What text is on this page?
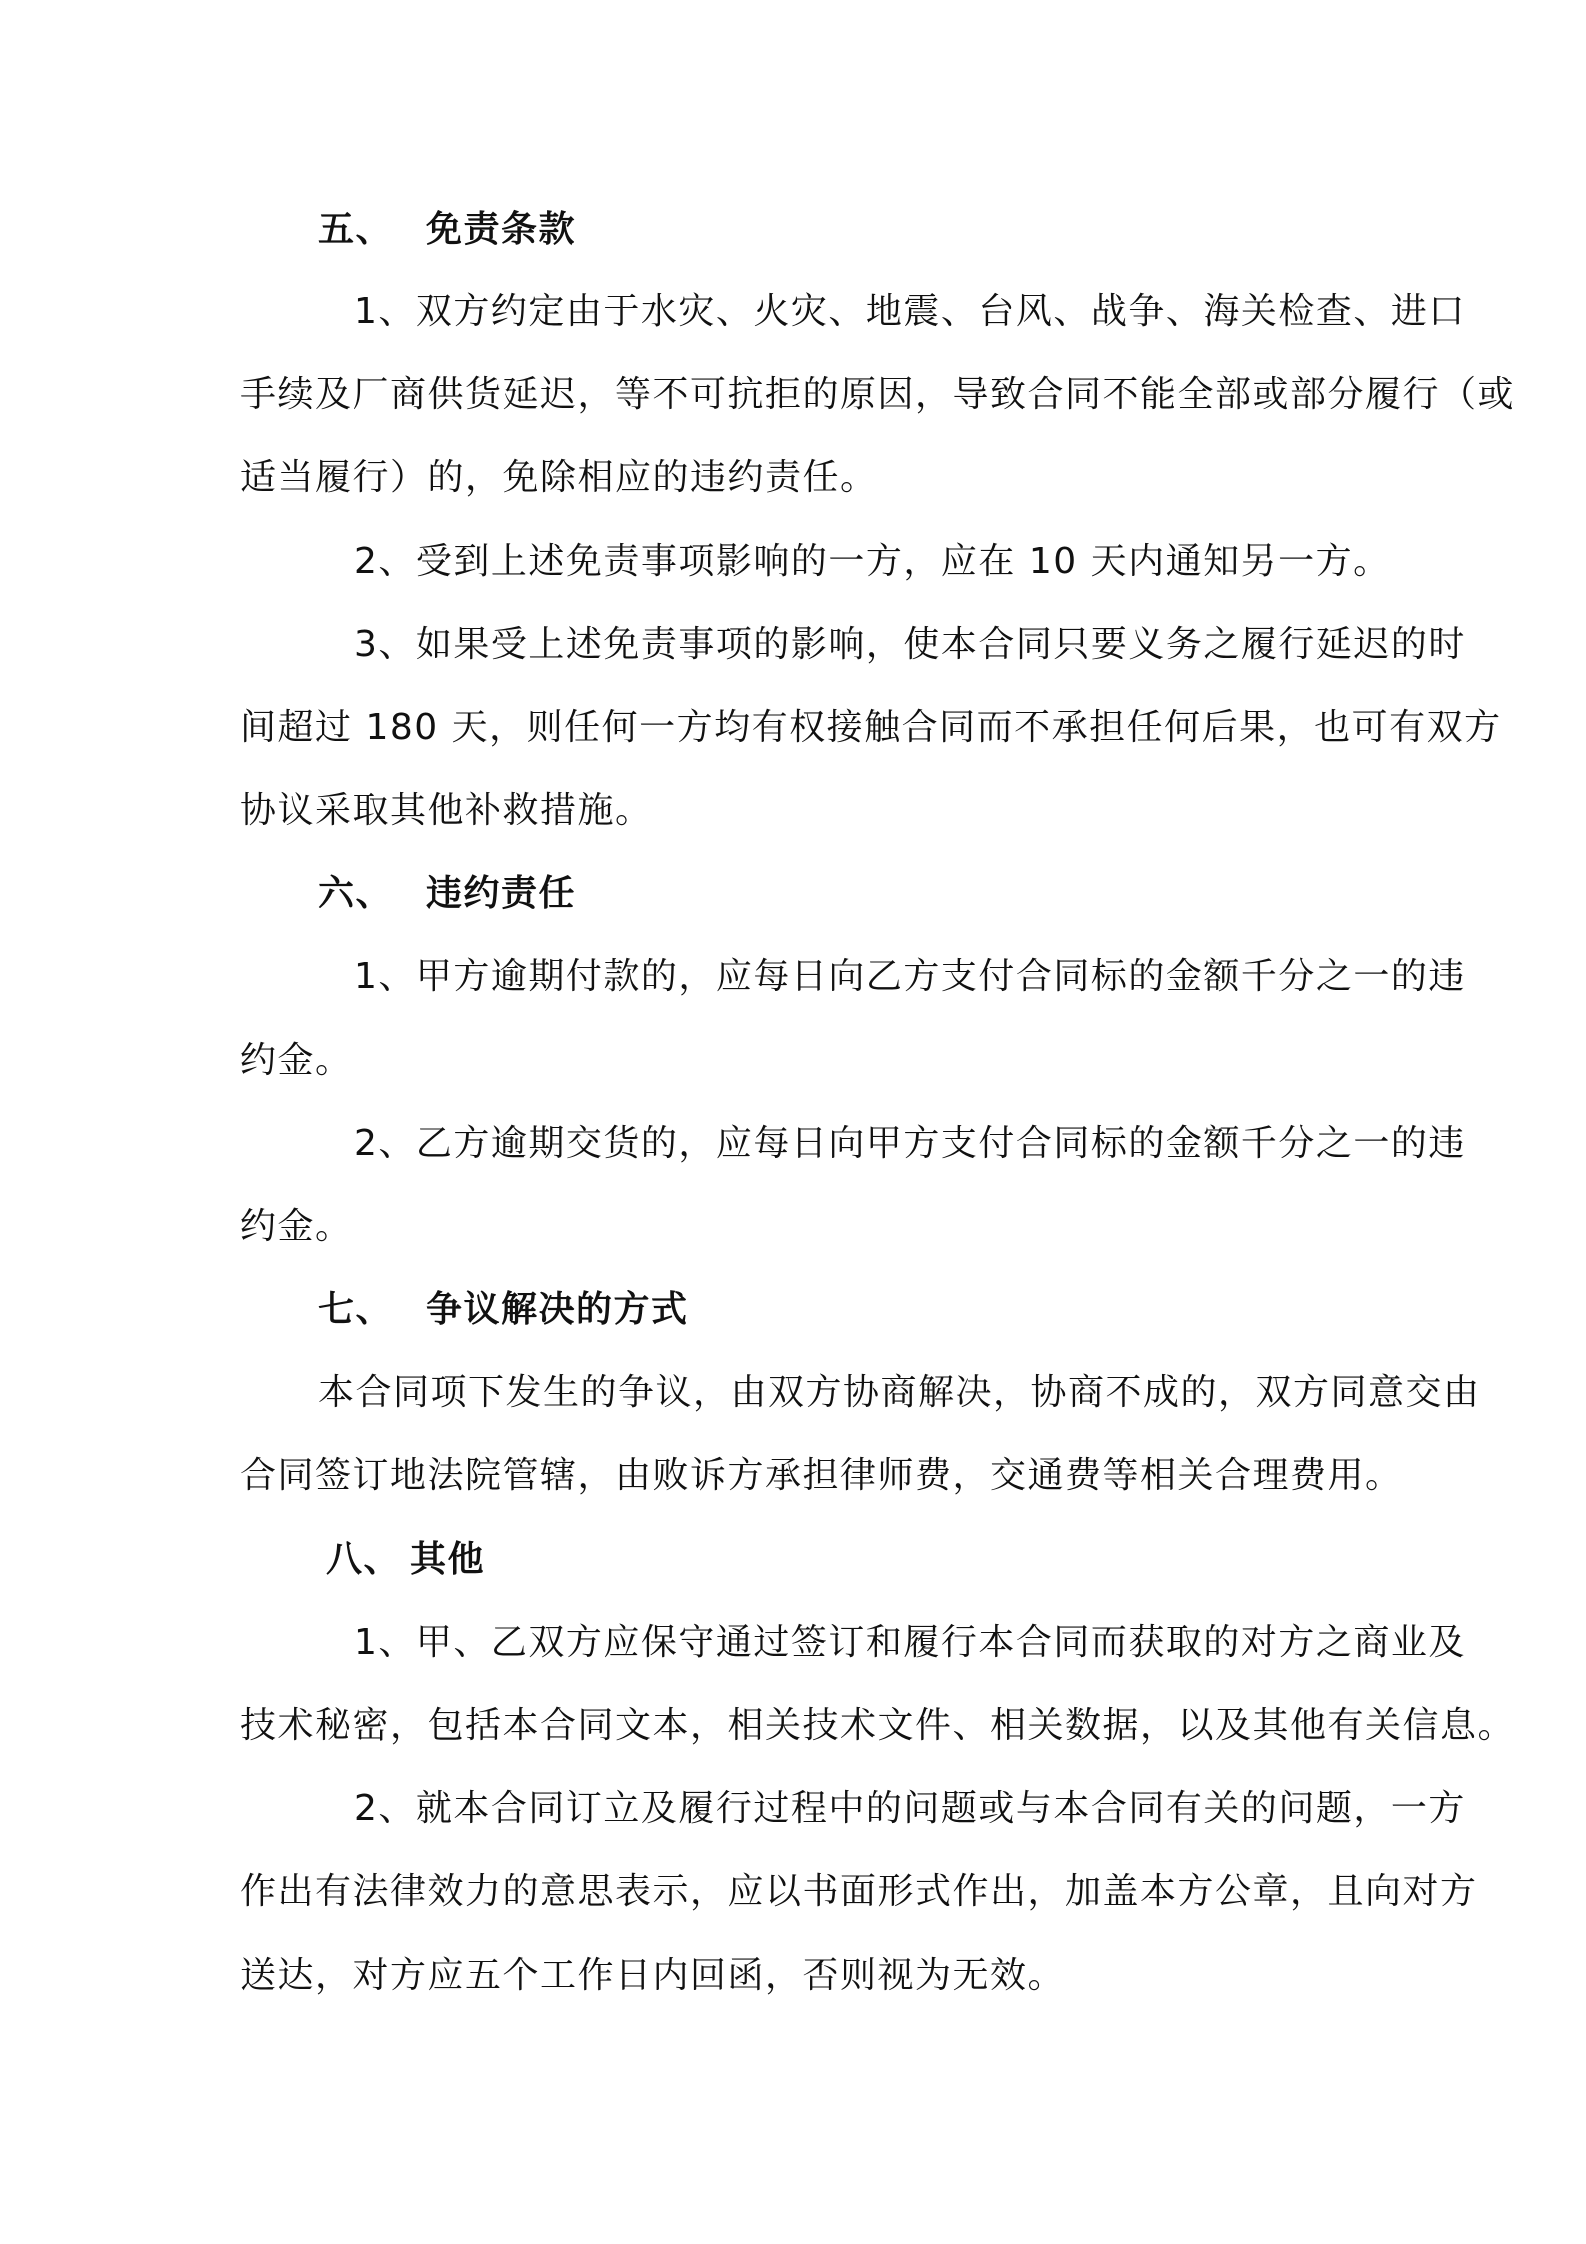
五、 免责条款
1、双方约定由于水灾、火灾、地震、台风、战争、海关检查、进口
手续及厂商供货延迟，等不可抗拒的原因，导致合同不能全部或部分履行（或
适当履行）的，免除相应的违约责任。
2、受到上述免责事项影响的一方，应在 10 天内通知另一方。
3、如果受上述免责事项的影响，使本合同只要义务之履行延迟的时
间超过 180 天，则任何一方均有权接触合同而不承担任何后果，也可有双方
协议采取其他补救措施。
六、 违约责任
1、甲方逾期付款的，应每日向乙方支付合同标的金额千分之一的违
约金。
2、乙方逾期交货的，应每日向甲方支付合同标的金额千分之一的违
约金。
七、 争议解决的方式
本合同项下发生的争议，由双方协商解决，协商不成的，双方同意交由
合同签订地法院管辖，由败诉方承担律师费，交通费等相关合理费用。
八、 其他
1、甲、乙双方应保守通过签订和履行本合同而获取的对方之商业及
技术秘密，包括本合同文本，相关技术文件、相关数据，以及其他有关信息。
2、就本合同订立及履行过程中的问题或与本合同有关的问题，一方
作出有法律效力的意思表示，应以书面形式作出，加盖本方公章，且向对方
送达，对方应五个工作日内回函，否则视为无效。
